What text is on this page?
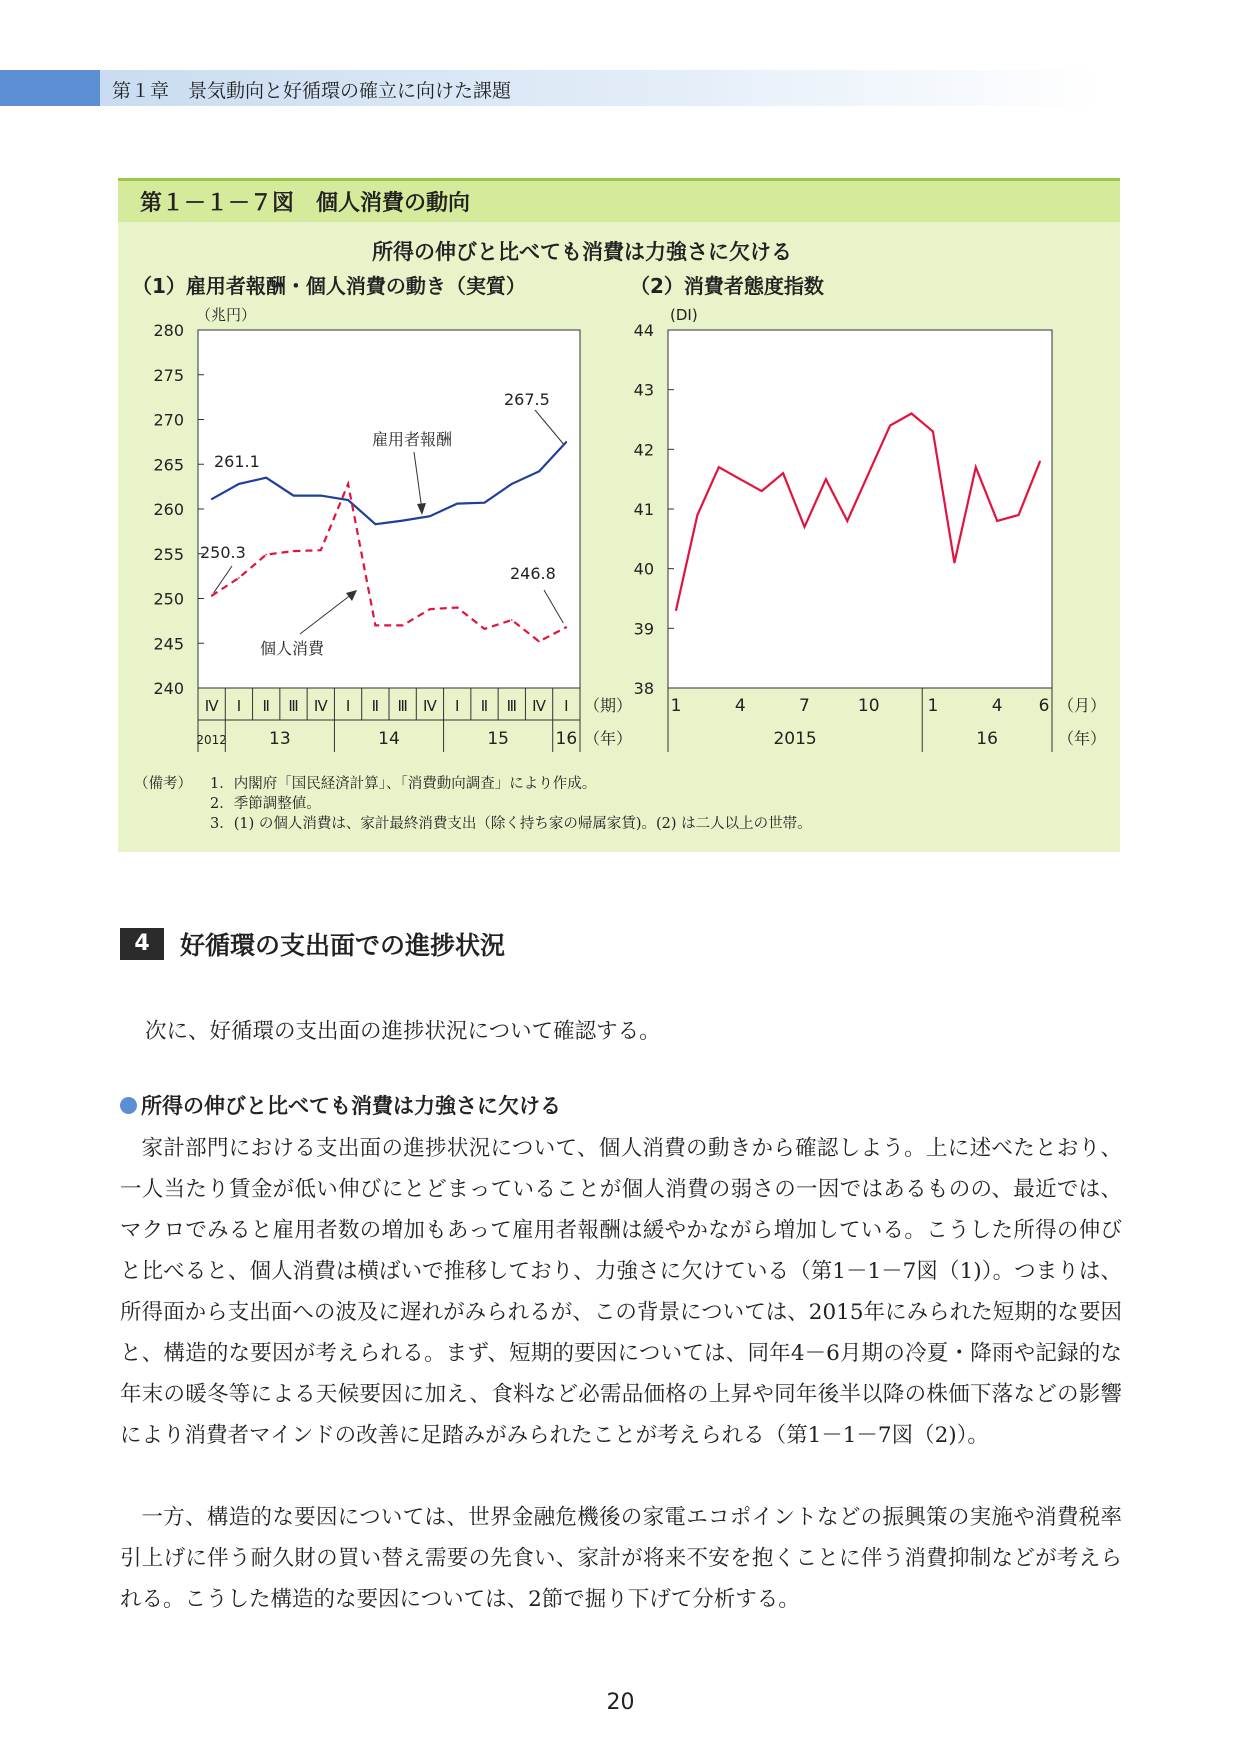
第１章　景気動向と好循環の確立に向けた課題
第１－１－７図　個人消費の動向
所得の伸びと比べても消費は力強さに欠ける
（1）雇用者報酬・個人消費の動き（実質）	（2）消費者態度指数
240
245
250
255
260
265
270
275
280
（兆円）
Ⅳ Ⅰ Ⅱ Ⅲ Ⅳ Ⅰ Ⅱ Ⅲ Ⅳ Ⅰ Ⅱ Ⅲ Ⅳ Ⅰ
2012 13	14	15	16
（期）
（年）
261.1
250.3
267.5
246.8
雇用者報酬
個人消費
38
39
40
41
42
43
44
(DI)
1	4	7	10	1	4 6
2015	16
（月）
（年）
（備考） 1．内閣府「国民経済計算」、「消費動向調査」により作成。
2．季節調整値。
3．(1) の個人消費は、家計最終消費支出（除く持ち家の帰属家賃)。(2) は二人以上の世帯。
4	好循環の支出面での進捗状況
次に、好循環の支出面の進捗状況について確認する。
所得の伸びと比べても消費は力強さに欠ける
家計部門における支出面の進捗状況について、個人消費の動きから確認しよう。上に述べたとおり、一人当たり賃金が低い伸びにとどまっていることが個人消費の弱さの一因ではあるものの、最近では、マクロでみると雇用者数の増加もあって雇用者報酬は緩やかながら増加している。こうした所得の伸びと比べると、個人消費は横ばいで推移しており、力強さに欠けている（第1－1－7図（1)）。つまりは、所得面から支出面への波及に遅れがみられるが、この背景については、2015年にみられた短期的な要因と、構造的な要因が考えられる。まず、短期的要因については、同年4－6月期の冷夏・降雨や記録的な年末の暖冬等による天候要因に加え、食料など必需品価格の上昇や同年後半以降の株価下落などの影響により消費者マインドの改善に足踏みがみられたことが考えられる（第1－1－7図（2)）。
一方、構造的な要因については、世界金融危機後の家電エコポイントなどの振興策の実施や消費税率引上げに伴う耐久財の買い替え需要の先食い、家計が将来不安を抱くことに伴う消費抑制などが考えられる。こうした構造的な要因については、2節で掘り下げて分析する。
20
